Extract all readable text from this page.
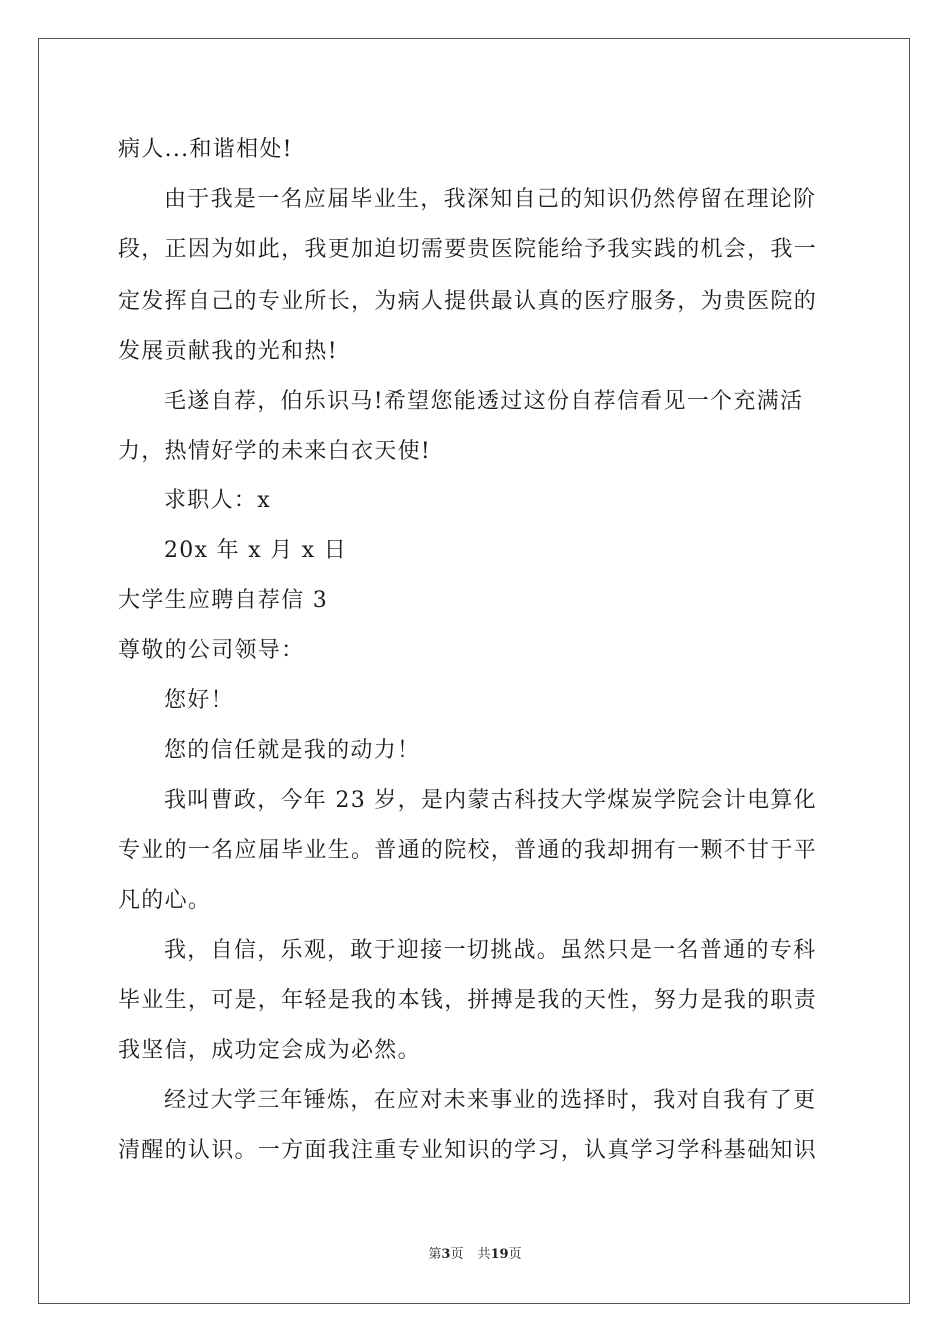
病人...和谐相处!
由于我是一名应届毕业生，我深知自己的知识仍然停留在理论阶
段，正因为如此，我更加迫切需要贵医院能给予我实践的机会，我一
定发挥自己的专业所长，为病人提供最认真的医疗服务，为贵医院的
发展贡献我的光和热!
毛遂自荐，伯乐识马!希望您能透过这份自荐信看见一个充满活
力，热情好学的未来白衣天使!
求职人：x
20x 年 x 月 x 日
大学生应聘自荐信 3
尊敬的公司领导：
您好！
您的信任就是我的动力！
我叫曹政，今年 23 岁，是内蒙古科技大学煤炭学院会计电算化
专业的一名应届毕业生。普通的院校，普通的我却拥有一颗不甘于平
凡的心。
我，自信，乐观，敢于迎接一切挑战。虽然只是一名普通的专科
毕业生，可是，年轻是我的本钱，拼搏是我的天性，努力是我的职责
我坚信，成功定会成为必然。
经过大学三年锤炼，在应对未来事业的选择时，我对自我有了更
清醒的认识。一方面我注重专业知识的学习，认真学习学科基础知识
第3页 共19页
